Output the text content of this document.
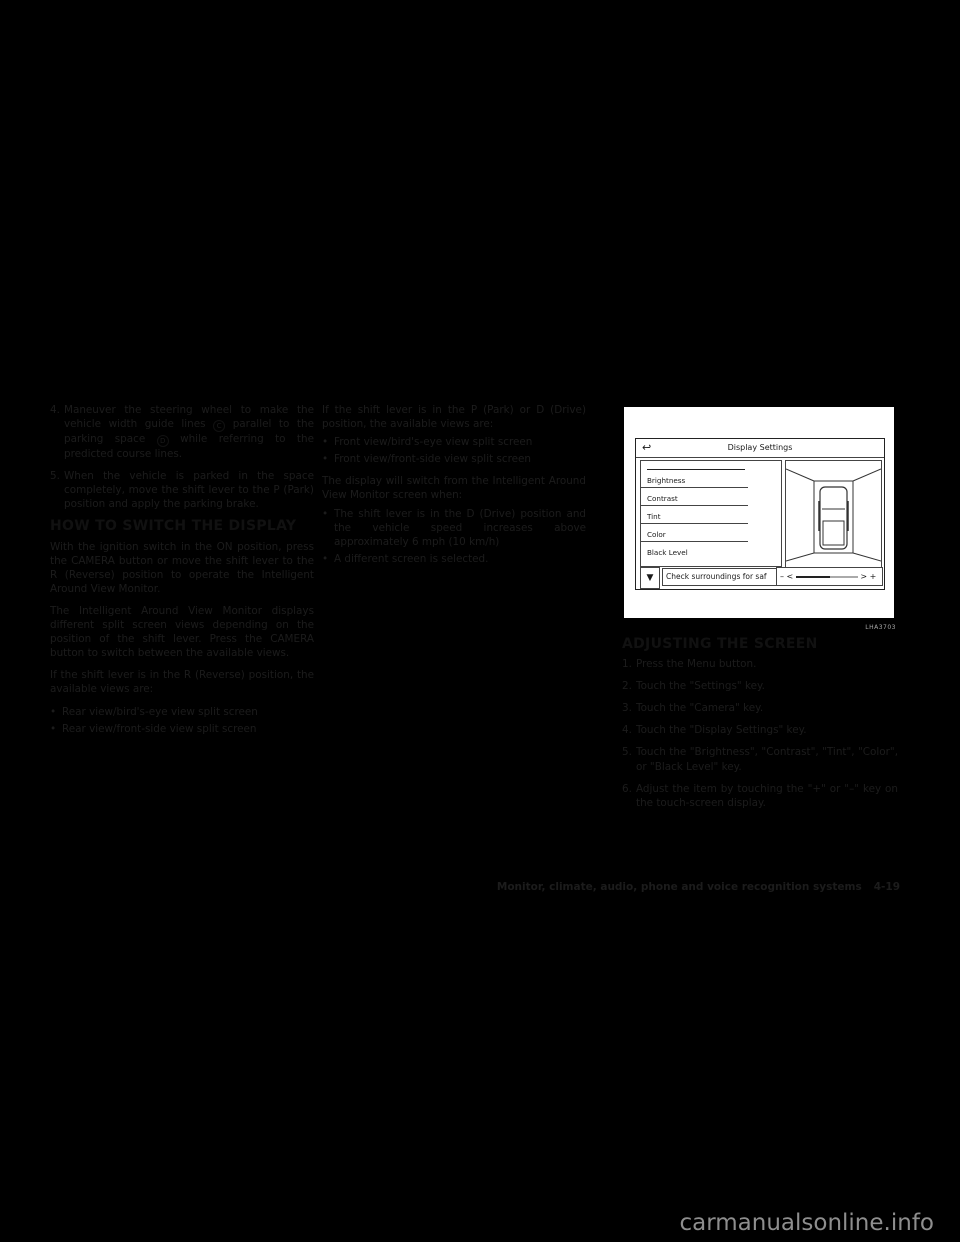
4. Maneuver the steering wheel to make the vehicle width guide lines C parallel to the parking space D while referring to the predicted course lines.
5. When the vehicle is parked in the space completely, move the shift lever to the P (Park) position and apply the parking brake.
HOW TO SWITCH THE DISPLAY

With the ignition switch in the ON position, press the CAMERA button or move the shift lever to the R (Reverse) position to operate the Intelligent Around View Monitor.

The Intelligent Around View Monitor displays different split screen views depending on the position of the shift lever. Press the CAMERA button to switch between the available views.

If the shift lever is in the R (Reverse) position, the available views are:

• Rear view/bird's-eye view split screen
• Rear view/front-side view split screen

If the shift lever is in the P (Park) or D (Drive) position, the available views are:

• Front view/bird's-eye view split screen
• Front view/front-side view split screen

The display will switch from the Intelligent Around View Monitor screen when:

• The shift lever is in the D (Drive) position and the vehicle speed increases above approximately 6 mph (10 km/h)
• A different screen is selected.
↩	Display Settings
Brightness
Contrast
Tint
Color
Black Level
▼	Check surroundings for saf	– <	> +
LHA3703
ADJUSTING THE SCREEN
1. Press the Menu button.
2. Touch the "Settings" key.
3. Touch the "Camera" key.
4. Touch the "Display Settings" key.
5. Touch the "Brightness", "Contrast", "Tint", "Color", or "Black Level" key.
6. Adjust the item by touching the "+" or "–" key on the touch-screen display.
Monitor, climate, audio, phone and voice recognition systems 4-19
carmanualsonline.info
